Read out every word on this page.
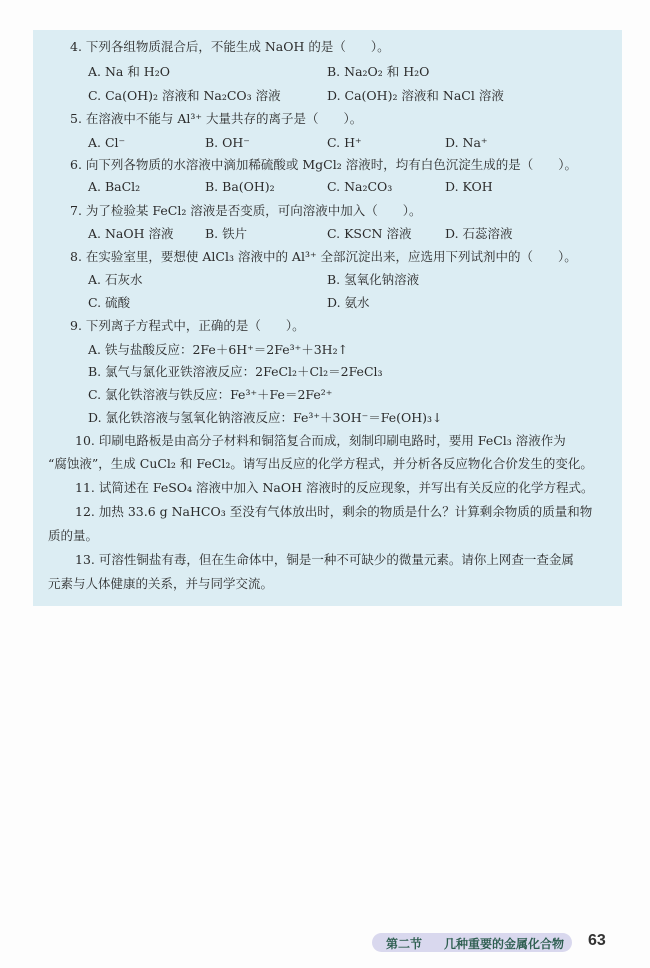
4. 下列各组物质混合后，不能生成 NaOH 的是（　　）。
A. Na 和 H₂O	B. Na₂O₂ 和 H₂O
C. Ca(OH)₂ 溶液和 Na₂CO₃ 溶液	D. Ca(OH)₂ 溶液和 NaCl 溶液
5. 在溶液中不能与 Al³⁺ 大量共存的离子是（　　）。
A. Cl⁻	B. OH⁻	C. H⁺	D. Na⁺
6. 向下列各物质的水溶液中滴加稀硫酸或 MgCl₂ 溶液时，均有白色沉淀生成的是（　　）。
A. BaCl₂	B. Ba(OH)₂	C. Na₂CO₃	D. KOH
7. 为了检验某 FeCl₂ 溶液是否变质，可向溶液中加入（　　）。
A. NaOH 溶液	B. 铁片	C. KSCN 溶液	D. 石蕊溶液
8. 在实验室里，要想使 AlCl₃ 溶液中的 Al³⁺ 全部沉淀出来，应选用下列试剂中的（　　）。
A. 石灰水	B. 氢氧化钠溶液
C. 硫酸	D. 氨水
9. 下列离子方程式中，正确的是（　　）。
A. 铁与盐酸反应：2Fe＋6H⁺＝2Fe³⁺＋3H₂↑
B. 氯气与氯化亚铁溶液反应：2FeCl₂＋Cl₂＝2FeCl₃
C. 氯化铁溶液与铁反应：Fe³⁺＋Fe＝2Fe²⁺
D. 氯化铁溶液与氢氧化钠溶液反应：Fe³⁺＋3OH⁻＝Fe(OH)₃↓
10. 印刷电路板是由高分子材料和铜箔复合而成，刻制印刷电路时，要用 FeCl₃ 溶液作为
“腐蚀液”，生成 CuCl₂ 和 FeCl₂。请写出反应的化学方程式，并分析各反应物化合价发生的变化。
11. 试简述在 FeSO₄ 溶液中加入 NaOH 溶液时的反应现象，并写出有关反应的化学方程式。
12. 加热 33.6 g NaHCO₃ 至没有气体放出时，剩余的物质是什么？计算剩余物质的质量和物
质的量。
13. 可溶性铜盐有毒，但在生命体中，铜是一种不可缺少的微量元素。请你上网查一查金属
元素与人体健康的关系，并与同学交流。
第二节 几种重要的金属化合物 63
